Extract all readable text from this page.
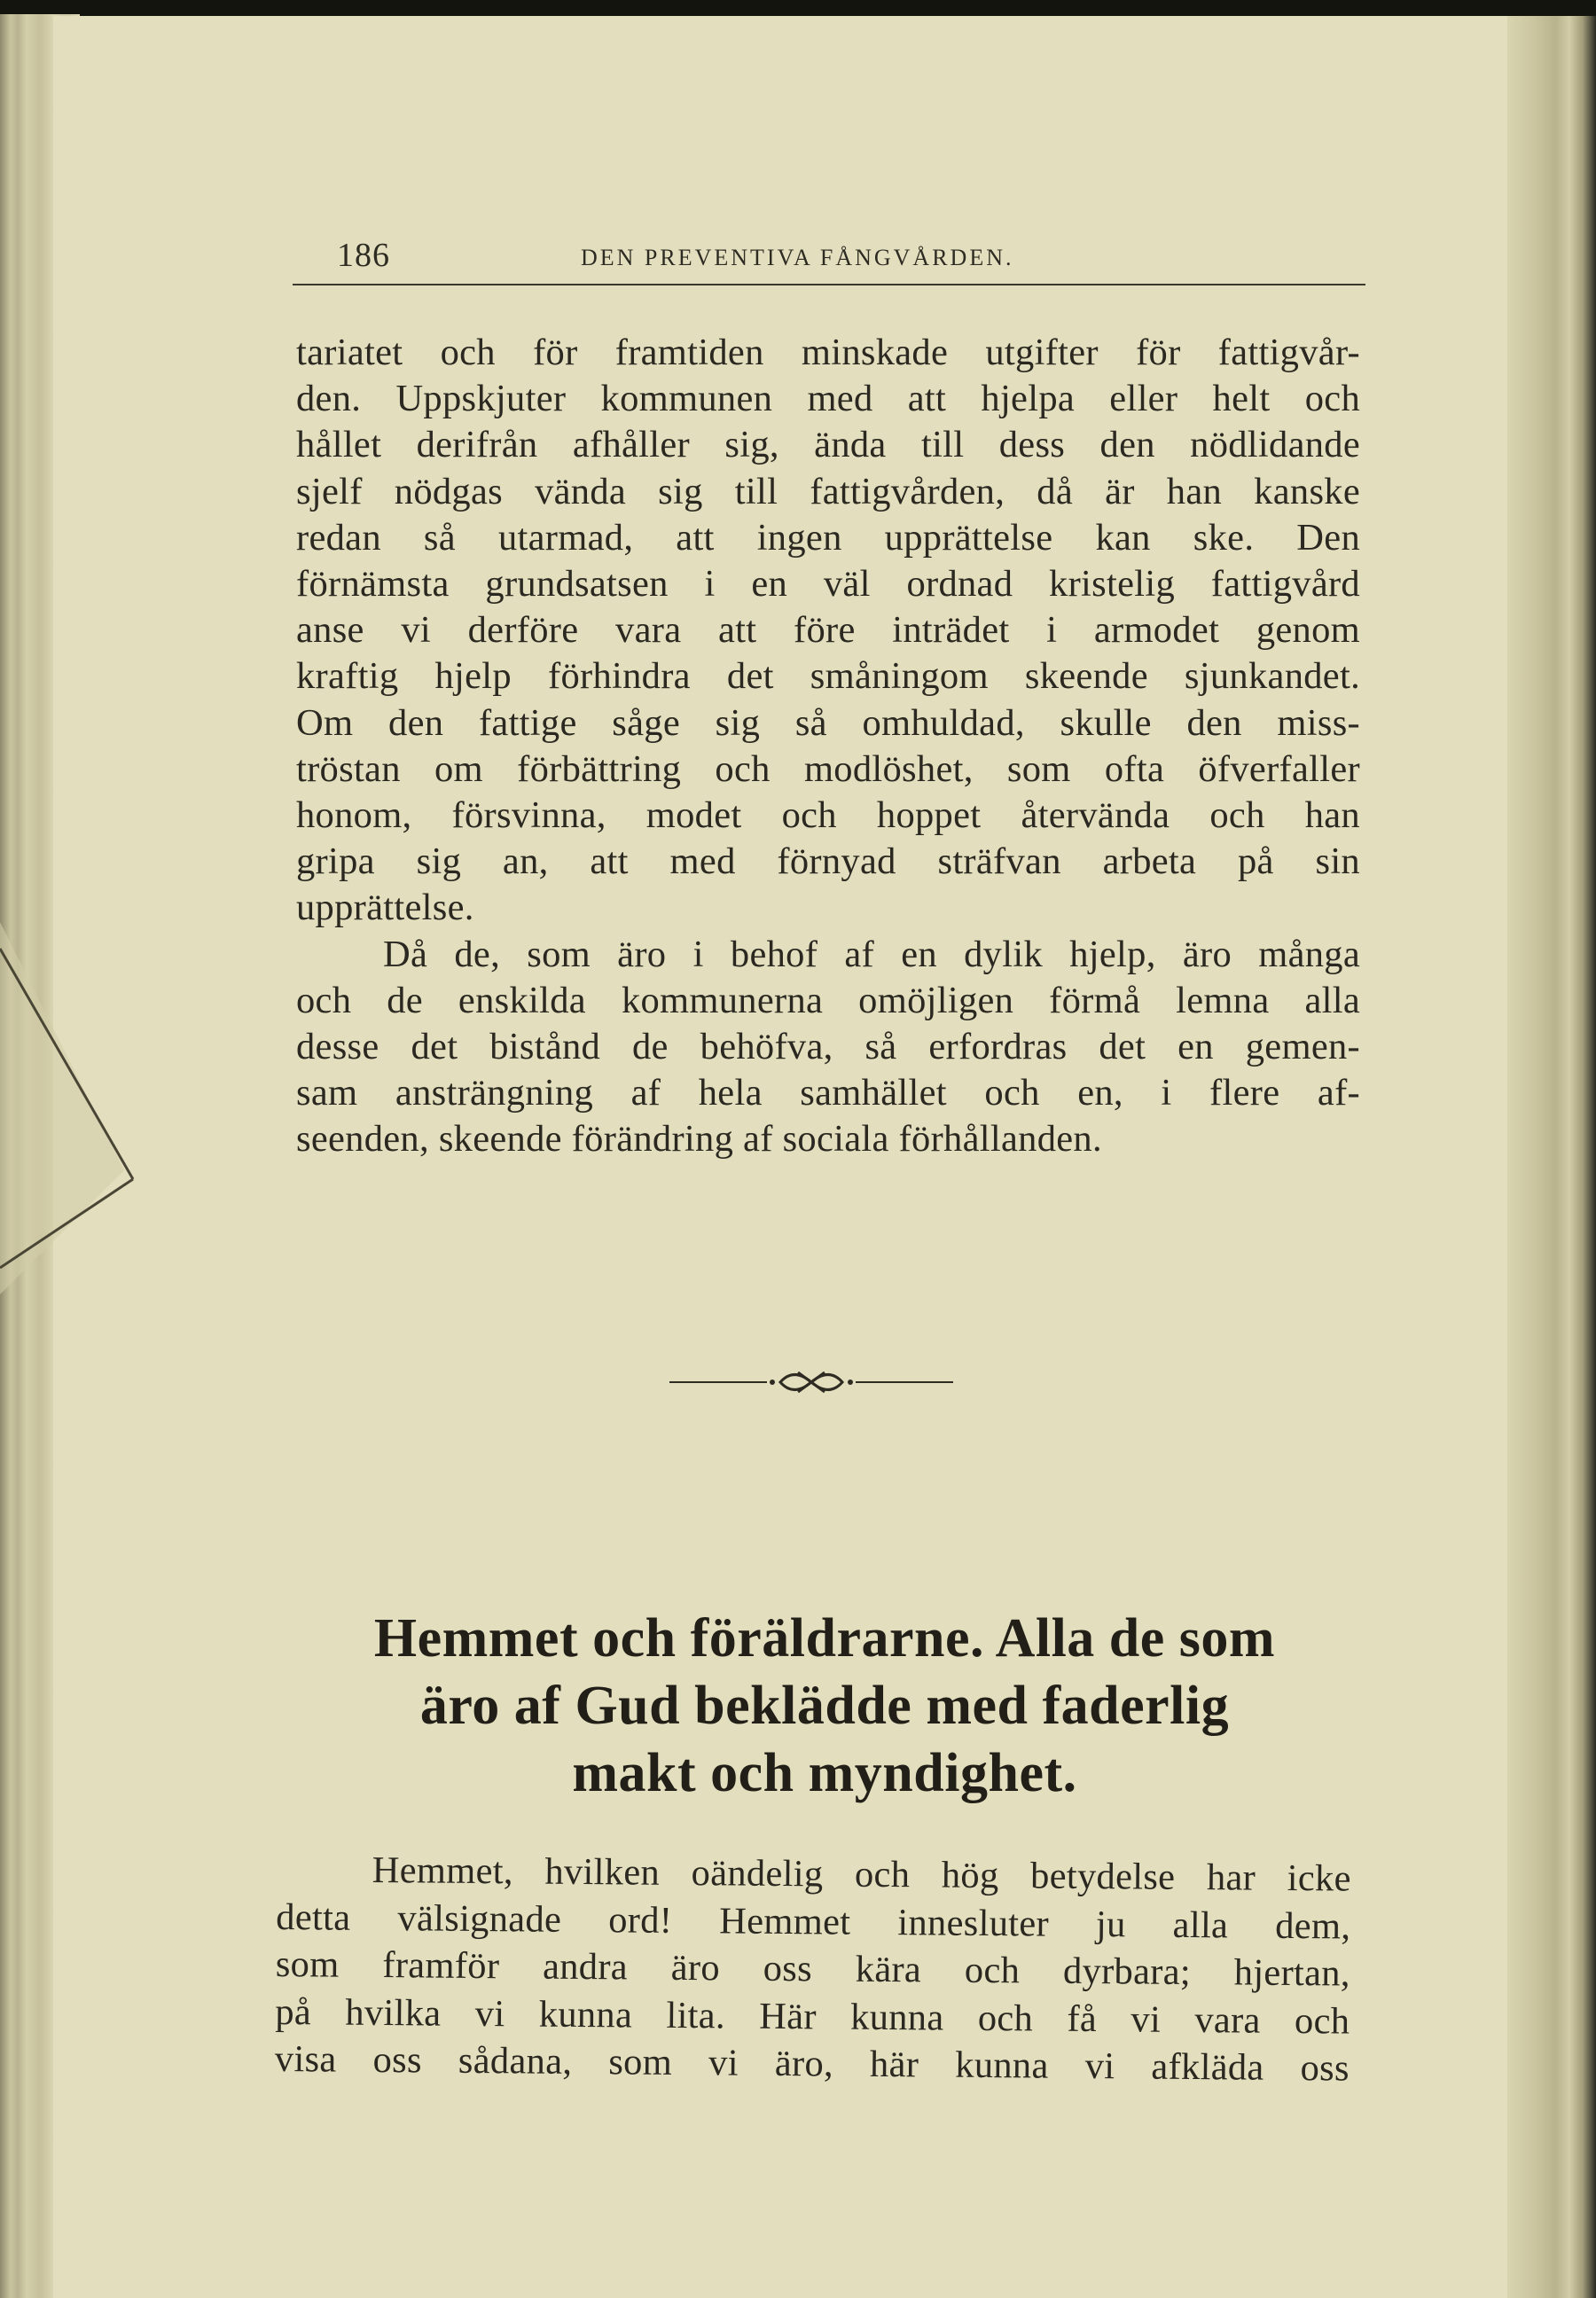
186	DEN PREVENTIVA FÅNGVÅRDEN.

tariatet och för framtiden minskade utgifter för fattigvår-
den. Uppskjuter kommunen med att hjelpa eller helt och
hållet derifrån afhåller sig, ända till dess den nödlidande
sjelf nödgas vända sig till fattigvården, då är han kanske
redan så utarmad, att ingen upprättelse kan ske. Den
förnämsta grundsatsen i en väl ordnad kristelig fattigvård
anse vi derföre vara att före inträdet i armodet genom
kraftig hjelp förhindra det småningom skeende sjunkandet.
Om den fattige såge sig så omhuldad, skulle den miss-
tröstan om förbättring och modlöshet, som ofta öfverfaller
honom, försvinna, modet och hoppet återvända och han
gripa sig an, att med förnyad sträfvan arbeta på sin
upprättelse.

Då de, som äro i behof af en dylik hjelp, äro många
och de enskilda kommunerna omöjligen förmå lemna alla
desse det bistånd de behöfva, så erfordras det en gemen-
sam ansträngning af hela samhället och en, i flere af-
seenden, skeende förändring af sociala förhållanden.

Hemmet och föräldrarne. Alla de som
äro af Gud beklädde med faderlig
makt och myndighet.
Hemmet, hvilken oändelig och hög betydelse har icke
detta välsignade ord! Hemmet innesluter ju alla dem,
som framför andra äro oss kära och dyrbara; hjertan,
på hvilka vi kunna lita. Här kunna och få vi vara och
visa oss sådana, som vi äro, här kunna vi afkläda oss
